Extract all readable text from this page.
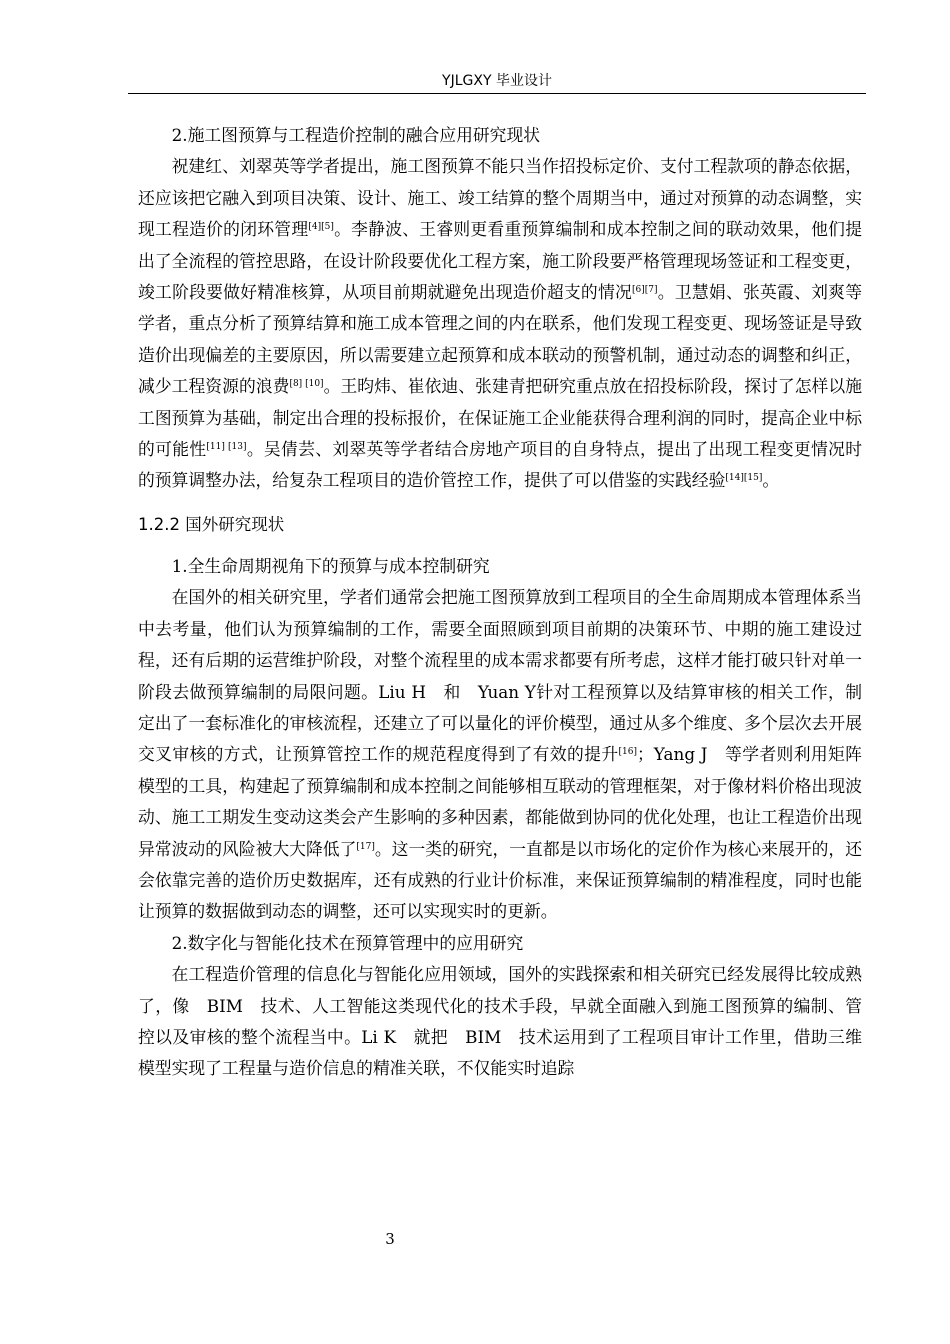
YJLGXY 毕业设计

2.施工图预算与工程造价控制的融合应用研究现状

祝建红、刘翠英等学者提出，施工图预算不能只当作招投标定价、支付工程款项的静态依据，还应该把它融入到项目决策、设计、施工、竣工结算的整个周期当中，通过对预算的动态调整，实现工程造价的闭环管理[4][5]。李静波、王睿则更看重预算编制和成本控制之间的联动效果，他们提出了全流程的管控思路，在设计阶段要优化工程方案，施工阶段要严格管理现场签证和工程变更，竣工阶段要做好精准核算，从项目前期就避免出现造价超支的情况[6][7]。卫慧娟、张英霞、刘爽等学者，重点分析了预算结算和施工成本管理之间的内在联系，他们发现工程变更、现场签证是导致造价出现偏差的主要原因，所以需要建立起预算和成本联动的预警机制，通过动态的调整和纠正，减少工程资源的浪费[8] [10]。王昀炜、崔依迪、张建青把研究重点放在招投标阶段，探讨了怎样以施工图预算为基础，制定出合理的投标报价，在保证施工企业能获得合理利润的同时，提高企业中标的可能性[11] [13]。吴倩芸、刘翠英等学者结合房地产项目的自身特点，提出了出现工程变更情况时的预算调整办法，给复杂工程项目的造价管控工作，提供了可以借鉴的实践经验[14][15]。

1.2.2 国外研究现状

1.全生命周期视角下的预算与成本控制研究

在国外的相关研究里，学者们通常会把施工图预算放到工程项目的全生命周期成本管理体系当中去考量，他们认为预算编制的工作，需要全面照顾到项目前期的决策环节、中期的施工建设过程，还有后期的运营维护阶段，对整个流程里的成本需求都要有所考虑，这样才能打破只针对单一阶段去做预算编制的局限问题。Liu H　和　Yuan Y针对工程预算以及结算审核的相关工作，制定出了一套标准化的审核流程，还建立了可以量化的评价模型，通过从多个维度、多个层次去开展交叉审核的方式，让预算管控工作的规范程度得到了有效的提升[16]；Yang J　等学者则利用矩阵模型的工具，构建起了预算编制和成本控制之间能够相互联动的管理框架，对于像材料价格出现波动、施工工期发生变动这类会产生影响的多种因素，都能做到协同的优化处理，也让工程造价出现异常波动的风险被大大降低了[17]。这一类的研究，一直都是以市场化的定价作为核心来展开的，还会依靠完善的造价历史数据库，还有成熟的行业计价标准，来保证预算编制的精准程度，同时也能让预算的数据做到动态的调整，还可以实现实时的更新。

2.数字化与智能化技术在预算管理中的应用研究

在工程造价管理的信息化与智能化应用领域，国外的实践探索和相关研究已经发展得比较成熟了，像　BIM　技术、人工智能这类现代化的技术手段，早就全面融入到施工图预算的编制、管控以及审核的整个流程当中。Li K　就把　BIM　技术运用到了工程项目审计工作里，借助三维模型实现了工程量与造价信息的精准关联，不仅能实时追踪

3
